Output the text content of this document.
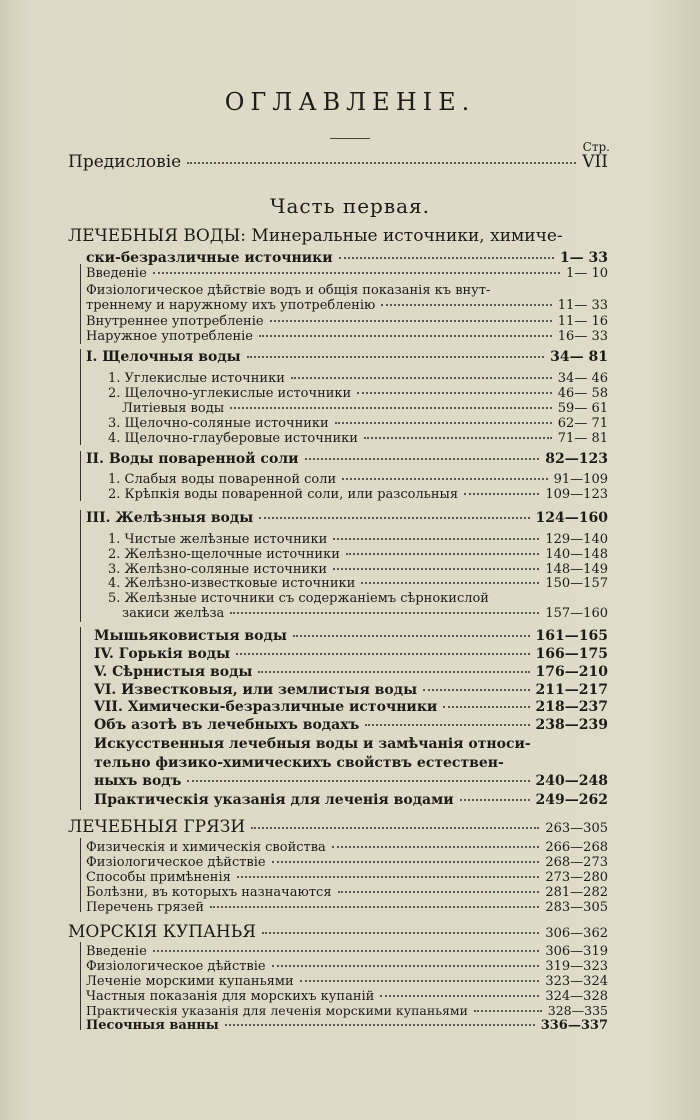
ОГЛАВЛЕНІЕ.
Стр.
Предисловіе	VII
Часть первая.
ЛЕЧЕБНЫЯ ВОДЫ: Минеральные источники, химиче-
ски-безразличные источники	1— 33
Введеніе	1— 10
Физіологическое дѣйствіе водъ и общія показанія къ внут-
треннему и наружному ихъ употребленію	11— 33
Внутреннее употребленіе	11— 16
Наружное употребленіе	16— 33
I. Щелочныя воды	34— 81
1. Углекислые источники	34— 46
2. Щелочно-углекислые источники	46— 58
Литіевыя воды	59— 61
3. Щелочно-соляные источники	62— 71
4. Щелочно-глауберовые источники	71— 81
II. Воды поваренной соли	82—123
1. Слабыя воды поваренной соли	91—109
2. Крѣпкія воды поваренной соли, или разсольныя	109—123
III. Желѣзныя воды	124—160
1. Чистые желѣзные источники	129—140
2. Желѣзно-щелочные источники	140—148
3. Желѣзно-соляные источники	148—149
4. Желѣзно-известковые источники	150—157
5. Желѣзные источники съ содержаніемъ сѣрнокислой
закиси желѣза	157—160
Мышьяковистыя воды	161—165
IV. Горькія воды	166—175
V. Сѣрнистыя воды	176—210
VI. Известковыя, или землистыя воды	211—217
VII. Химически-безразличные источники	218—237
Объ азотѣ въ лечебныхъ водахъ	238—239
Искусственныя лечебныя воды и замѣчанія относи-
тельно физико-химическихъ свойствъ естествен-
ныхъ водъ	240—248
Практическія указанія для леченія водами	249—262
ЛЕЧЕБНЫЯ ГРЯЗИ	263—305
Физическія и химическія свойства	266—268
Физіологическое дѣйствіе	268—273
Способы примѣненія	273—280
Болѣзни, въ которыхъ назначаются	281—282
Перечень грязей	283—305
МОРСКІЯ КУПАНЬЯ	306—362
Введеніе	306—319
Физіологическое дѣйствіе	319—323
Леченіе морскими купаньями	323—324
Частныя показанія для морскихъ купаній	324—328
Практическія указанія для леченія морскими купаньями	328—335
Песочныя ванны	336—337
